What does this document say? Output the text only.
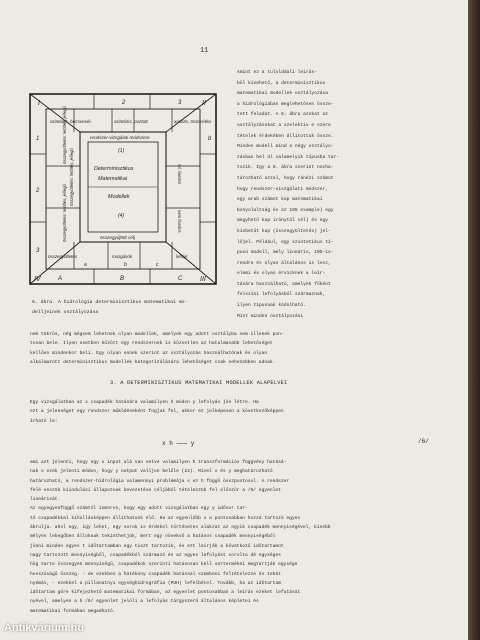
11
I	II
IV	III
2	3
szintézis, becsvevéi	szintézis, osztott	analízis, összesítési
rendszer-vizsgálati módszere
összegyűjtött célj
(1)
Determinisztikus
Matematikai
Modellek
(4)
összegyültetés: letöltés, jellegű
összegyültetés: letöltés, jellegű
összegyültetés: letöltés, jellegű
1
2
3
b
rel, lineáris
nem lineáris
összegyültetés	mozgások	lefolyt
A	B	C
a	b	c
Amint ez a tulolddali leiräs-
böl kivehető, a determinisztikus
matematikai modellek osztályozása
a hidrológiában meglehetősen össze-
tett feladat. A 6. ábra azokat az
osztályzásokat a szelektiv e szere
tételek érdekében állitottuk össze.
Minden modell mind a négy osztályo-
zásban bel ül valamelyik típusba tar-
tozik. Így a 6. ábra szerint nocha-
tározható azzal, hogy ránézi számot
hogy rendszer-viszgálati módszer,
egy arab számot kap matematikai
bonyolultság és az 105 example) egy
megyhető kap iránytól cél) és egy
kisbetűt kap (összegyültetés) jel-
lőjel. Például, egy szintetikus tí-
pusú modell, mely lineáris, 105-is-
rendre és olyan általános is lesz,
elemi és olyan érvicknek a leír-
tására használható, amelyek főként
felszíni lefolyásból származnak,
ilyen típusuak kódolható.
Mint minden osztályozási
6. ábra. A hidrológia determinisztikus matematikai mo-
delljeinek osztályozása
nem tükrös, nég mégsem lehetnek olyan modellek, amelyek egy adott osztályba nem illenek pon-
tosan bele. Ilyen esetben között egy rendszernek is közvetlen az hatalmasabb lehetőséget
kellően mindenkor beli. Egy olyan ennek szerint az osztályozás használhatónak és olyan
alkalmazott determinisztikus modellek kategorizálására lehetőséget csak nehezebben adnak.
3. A DETERMINISZTIKUS MATEMATIKAI MODELLEK ALAPELVEI
Egy vizsgálatban az x csapadék hatására valamilyen h módon y lefolyás jön létre. Ha
ezt a jelenséget egy rendszer működéseként fogjuk fel, akkor ez jelképesen a következőképpen
írható le:
x h ——— y	/6/
ami azt jelenti, hogy egy x input alá van vetve valamilyen h transzformációs függvény hatásá-
nak s ezek jelenti módon, hogy y output valljon belőle (24). Mivel x és y meghatározható
határozható, a rendszer-hidrológia valamennyi problémája s ez h függő összpontosul. A rendszer
felé veszük kiindulási állapotnak bevezetése céljából tételezzük fel először a /6/ egyenlet
lineárisát.
Az egyegyenfüggő számtól ismerve, hogy egy adott vizsgálatban egy y idősor tar-
tó csapadékkal kihullásképpen állíthatunk elő. Ha az egyenlőbb x a pontosabban hozzá tartozó egyes
ábrulja. ahol egy, így lehet, egy sorok is érdekel történetes alakzat az egyik csapadék mennyiségével, kisebb
mélyen lebegőben álloknak tekinthetjük, mert egy növekvő a hatásos csapadék mennyiségéből
jönni minden egyes t időtartamban egy tiszt tartozik, és ezt leírják a következő időtartamot
nagy tartozott mennyiségből, csapadékból származó és az egyes lefolyást sorolta dé egységes
hög tarte összegyen mennyiségű, csapadékok szerinti hatásosan kell sortermékei megtartják egysége
hosszúságű összeg. - de ezekben a hatékony csapadék hatással szembeni feltételezze és tehát
nyémás, - ezekkel a pillanatnyi egységhidrográfia (PUH) lefelbétel. Tovább, ha az időtartam
időtartam göre kifejezhető matematikai formában, az egyenlet pontosabban a leírás ezeket lefutását
nyével, amelyen a h /6/ egyenlet jelöli a lefolyás tárgyszerű általános képletei és
matematikai formában megadható.
Antikvárium.hu
